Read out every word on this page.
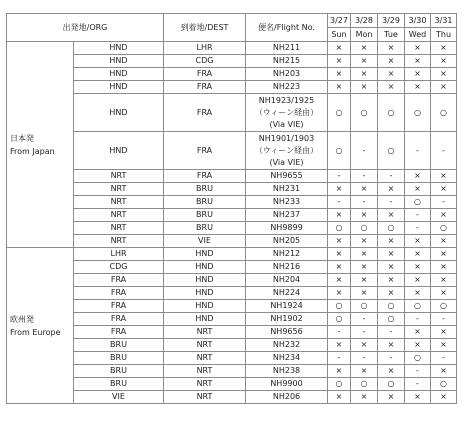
出発地/ORG		到着地/DEST	便名/Flight No.	3/27	3/28	3/29	3/30	3/31
				Sun	Mon	Tue	Wed	Thu

日本発
From Japan	HND	LHR	NH211	×	×	×	×	×
	HND	CDG	NH215	×	×	×	×	×
	HND	FRA	NH203	×	×	×	×	×
	HND	FRA	NH223	×	×	×	×	×
	HND	FRA	NH1923/1925
（ウィーン経由）
(Via VIE)	○	○	○	○	○
	HND	FRA	NH1901/1903
（ウィーン経由）
(Via VIE)	○	-	○	-	-
	NRT	FRA	NH9655	-	-	-	×	×
	NRT	BRU	NH231	×	×	×	×	×
	NRT	BRU	NH233	-	-	-	○	-
	NRT	BRU	NH237	×	×	×	-	×
	NRT	BRU	NH9899	○	○	○	-	○
	NRT	VIE	NH205	×	×	×	×	×

欧州発
From Europe	LHR	HND	NH212	×	×	×	×	×
	CDG	HND	NH216	×	×	×	×	×
	FRA	HND	NH204	×	×	×	×	×
	FRA	HND	NH224	×	×	×	×	×
	FRA	HND	NH1924	○	○	○	○	○
	FRA	HND	NH1902	○	-	○	-	-
	FRA	NRT	NH9656	-	-	-	×	×
	BRU	NRT	NH232	×	×	×	×	×
	BRU	NRT	NH234	-	-	-	○	-
	BRU	NRT	NH238	×	×	×	-	×
	BRU	NRT	NH9900	○	○	○	-	○
	VIE	NRT	NH206	×	×	×	×	×
